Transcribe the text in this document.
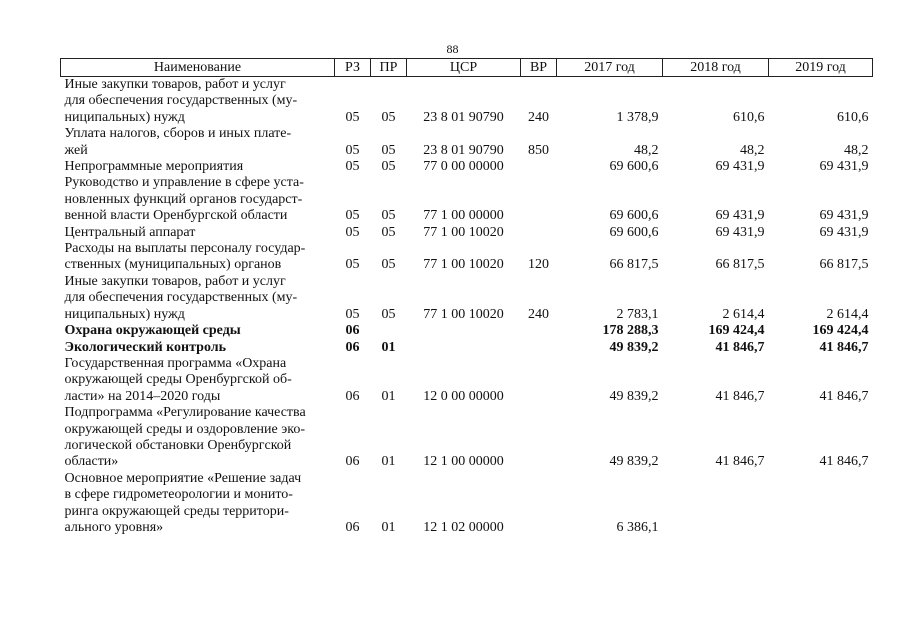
88
Наименование	РЗ	ПР	ЦСР	ВР	2017 год	2018 год	2019 год

Иные закупки товаров, работ и услуг
для обеспечения государственных (му-
ниципальных) нужд	05	05	23 8 01 90790	240	1 378,9	610,6	610,6

Уплата налогов, сборов и иных плате-
жей	05	05	23 8 01 90790	850	48,2	48,2	48,2

Непрограммные мероприятия	05	05	77 0 00 00000		69 600,6	69 431,9	69 431,9

Руководство и управление в сфере уста-
новленных функций органов государст-
венной власти Оренбургской области	05	05	77 1 00 00000		69 600,6	69 431,9	69 431,9

Центральный аппарат	05	05	77 1 00 10020		69 600,6	69 431,9	69 431,9

Расходы на выплаты персоналу государ-
ственных (муниципальных) органов	05	05	77 1 00 10020	120	66 817,5	66 817,5	66 817,5

Иные закупки товаров, работ и услуг
для обеспечения государственных (му-
ниципальных) нужд	05	05	77 1 00 10020	240	2 783,1	2 614,4	2 614,4

Охрана окружающей среды	06				178 288,3	169 424,4	169 424,4

Экологический контроль	06	01			49 839,2	41 846,7	41 846,7

Государственная программа «Охрана
окружающей среды Оренбургской об-
ласти» на 2014–2020 годы	06	01	12 0 00 00000		49 839,2	41 846,7	41 846,7

Подпрограмма «Регулирование качества
окружающей среды и оздоровление эко-
логической обстановки Оренбургской
области»	06	01	12 1 00 00000		49 839,2	41 846,7	41 846,7

Основное мероприятие «Решение задач
в сфере гидрометеорологии и монито-
ринга окружающей среды территори-
ального уровня»	06	01	12 1 02 00000		6 386,1		
